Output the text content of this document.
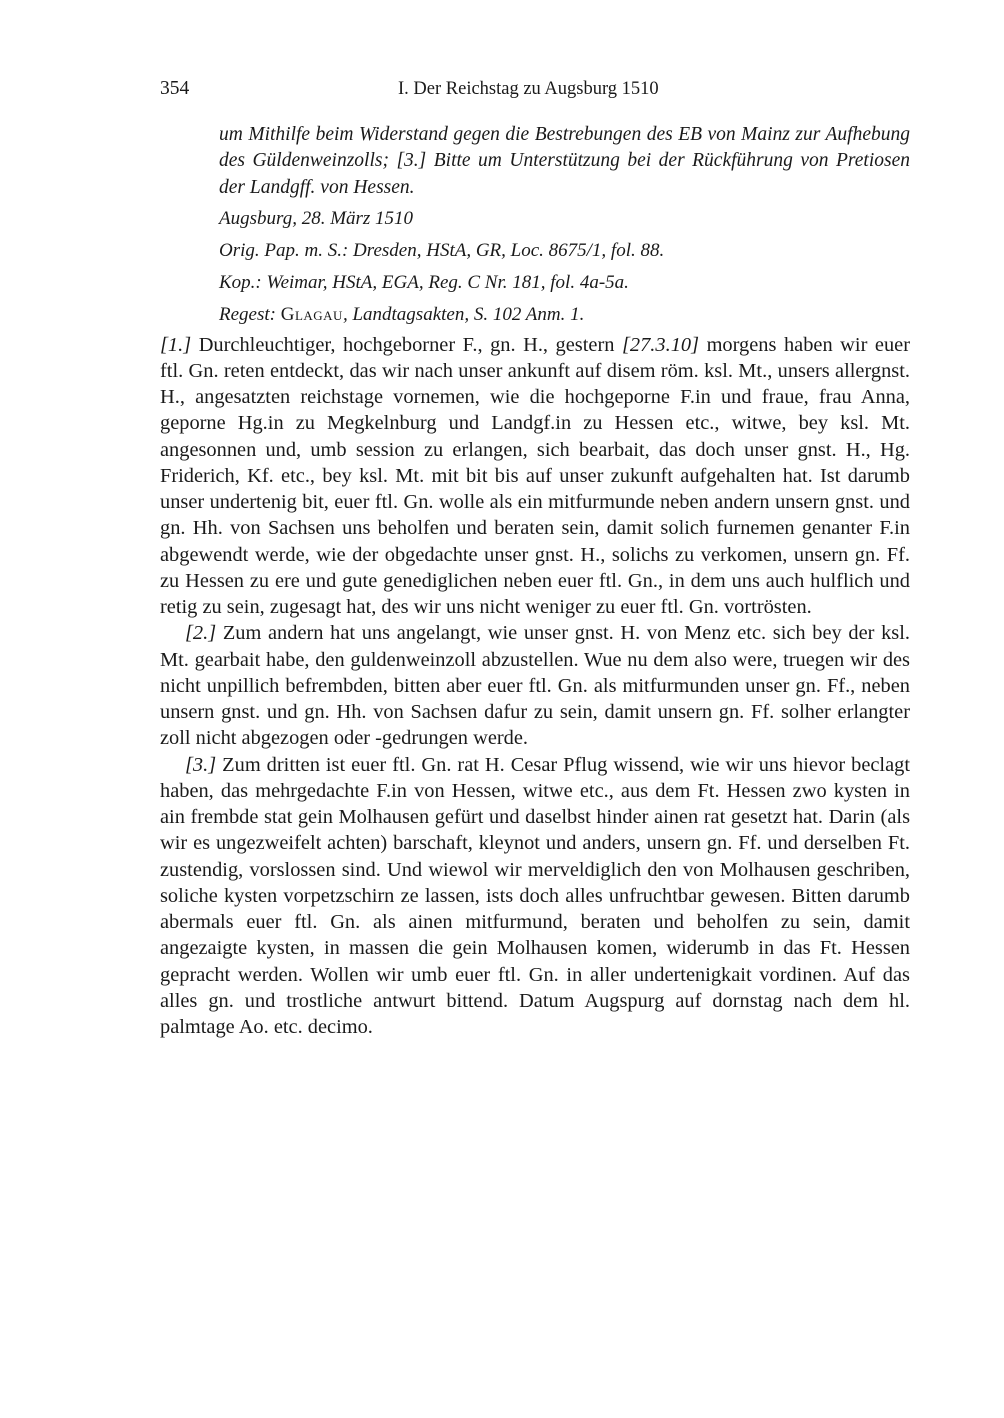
354	I. Der Reichstag zu Augsburg 1510

um Mithilfe beim Widerstand gegen die Bestrebungen des EB von Mainz zur Aufhebung des Güldenweinzolls; [3.] Bitte um Unterstützung bei der Rückführung von Pretiosen der Landgff. von Hessen.

Augsburg, 28. März 1510

Orig. Pap. m. S.: Dresden, HStA, GR, Loc. 8675/1, fol. 88.

Kop.: Weimar, HStA, EGA, Reg. C Nr. 181, fol. 4a-5a.

Regest: Glagau, Landtagsakten, S. 102 Anm. 1.

[1.] Durchleuchtiger, hochgeborner F., gn. H., gestern [27.3.10] morgens haben wir euer ftl. Gn. reten entdeckt, das wir nach unser ankunft auf disem röm. ksl. Mt., unsers allergnst. H., angesatzten reichstage vornemen, wie die hochgeporne F.in und fraue, frau Anna, geporne Hg.in zu Megkelnburg und Landgf.in zu Hessen etc., witwe, bey ksl. Mt. angesonnen und, umb session zu erlangen, sich bearbait, das doch unser gnst. H., Hg. Friderich, Kf. etc., bey ksl. Mt. mit bit bis auf unser zukunft aufgehalten hat. Ist darumb unser undertenig bit, euer ftl. Gn. wolle als ein mitfurmunde neben andern unsern gnst. und gn. Hh. von Sachsen uns beholfen und beraten sein, damit solich furnemen genanter F.in abgewendt werde, wie der obgedachte unser gnst. H., solichs zu verkomen, unsern gn. Ff. zu Hessen zu ere und gute genediglichen neben euer ftl. Gn., in dem uns auch hulflich und retig zu sein, zugesagt hat, des wir uns nicht weniger zu euer ftl. Gn. vortrösten.

[2.] Zum andern hat uns angelangt, wie unser gnst. H. von Menz etc. sich bey der ksl. Mt. gearbait habe, den guldenweinzoll abzustellen. Wue nu dem also were, truegen wir des nicht unpillich befrembden, bitten aber euer ftl. Gn. als mitfurmunden unser gn. Ff., neben unsern gnst. und gn. Hh. von Sachsen dafur zu sein, damit unsern gn. Ff. solher erlangter zoll nicht abgezogen oder -gedrungen werde.

[3.] Zum dritten ist euer ftl. Gn. rat H. Cesar Pflug wissend, wie wir uns hievor beclagt haben, das mehrgedachte F.in von Hessen, witwe etc., aus dem Ft. Hessen zwo kysten in ain frembde stat gein Molhausen gefürt und daselbst hinder ainen rat gesetzt hat. Darin (als wir es ungezweifelt achten) barschaft, kleynot und anders, unsern gn. Ff. und derselben Ft. zustendig, vorslossen sind. Und wiewol wir merveldiglich den von Molhausen geschriben, soliche kysten vorpetzschirn ze lassen, ists doch alles unfruchtbar gewesen. Bitten darumb abermals euer ftl. Gn. als ainen mitfurmund, beraten und beholfen zu sein, damit angezaigte kysten, in massen die gein Molhausen komen, widerumb in das Ft. Hessen gepracht werden. Wollen wir umb euer ftl. Gn. in aller undertenigkait vordinen. Auf das alles gn. und trostliche antwurt bittend. Datum Augspurg auf dornstag nach dem hl. palmtage Ao. etc. decimo.
